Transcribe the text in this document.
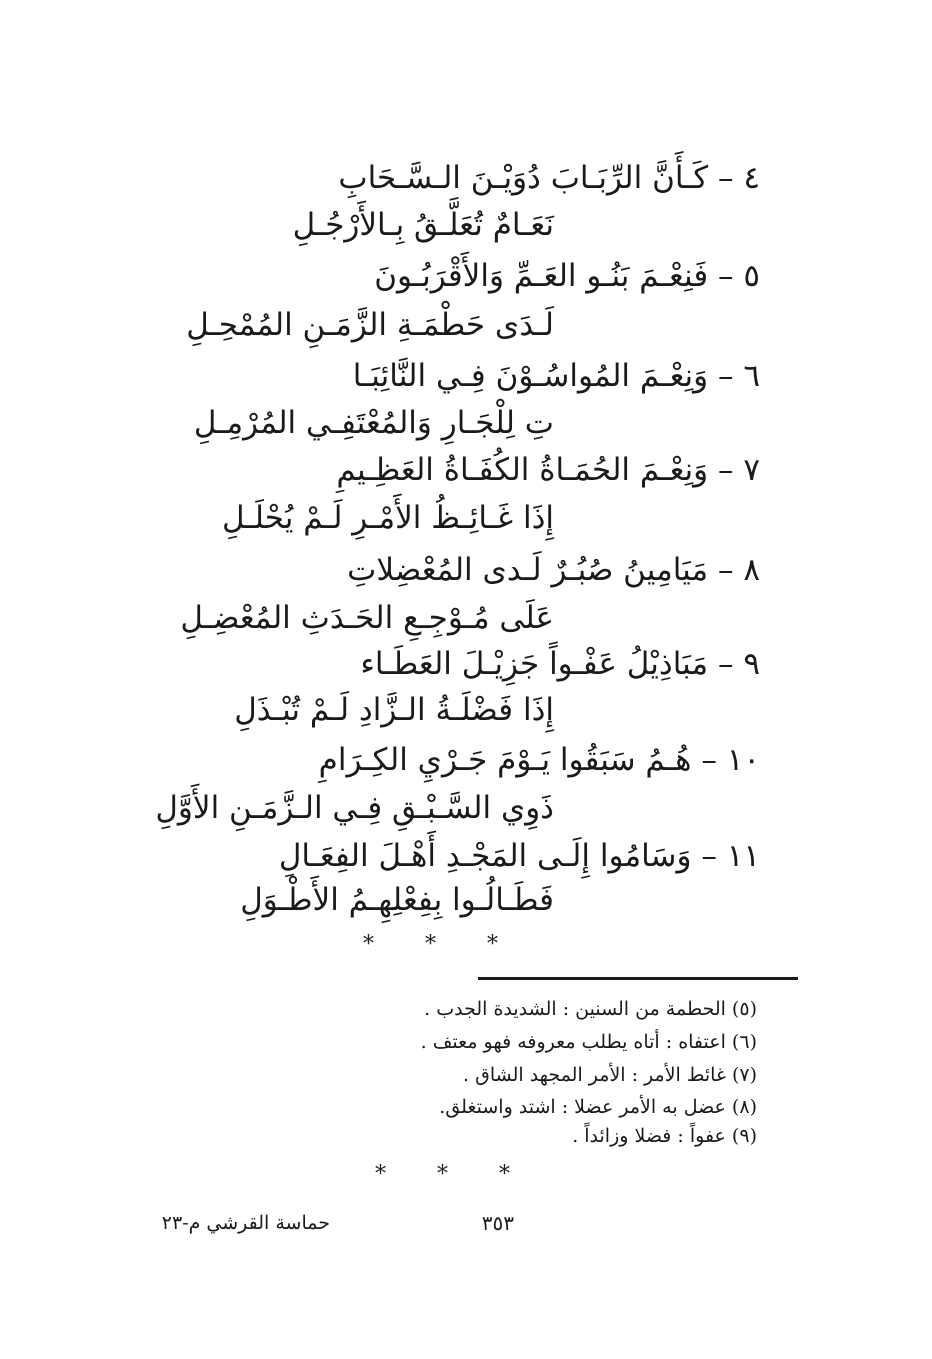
٤ – كَـأَنَّ الرِّبَـابَ دُوَيْـنَ الـسَّـحَابِ
نَعَـامٌ تُعَلَّـقُ بِـالأَرْجُـلِ
٥ – فَنِعْـمَ بَنُـو العَـمِّ وَالأَقْرَبُـونَ
لَـدَى حَطْمَـةِ الزَّمَـنِ المُمْحِـلِ
٦ – وَنِعْـمَ المُواسُـوْنَ فِـي النَّائِبَـا
تِ لِلْجَـارِ وَالمُعْتَفِـي المُرْمِـلِ
٧ – وَنِعْـمَ الحُمَـاةُ الكُفَـاةُ العَظِـيمِ
إِذَا غَـائِـظُ الأَمْـرِ لَـمْ يُحْلَـلِ
٨ – مَيَامِينُ صُبُـرٌ لَـدى المُعْضِلاتِ
عَلَى مُـوْجِـعِ الحَـدَثِ المُعْضِـلِ
٩ – مَبَاذِيْلُ عَفْـواً جَزِيْـلَ العَطَـاء
إِذَا فَضْلَـةُ الـزَّادِ لَـمْ تُبْـذَلِ
١٠ – هُـمُ سَبَقُوا يَـوْمَ جَـرْيِ الكِـرَامِ
ذَوِي السَّـبْـقِ فِـي الـزَّمَـنِ الأَوَّلِ
١١ – وَسَامُوا إِلَـى المَجْـدِ أَهْـلَ الفِعَـالِ
فَطَـالُـوا بِفِعْلِهِـمُ الأَطْـوَلِ
* * *
(٥) الحطمة من السنين : الشديدة الجدب .
(٦) اعتفاه : أتاه يطلب معروفه فهو معتف .
(٧) غائط الأمر : الأمر المجهد الشاق .
(٨) عضل به الأمر عضلا : اشتد واستغلق.
(٩) عفواً : فضلا وزائداً .
* * *
٣٥٣
حماسة القرشي م-٢٣
